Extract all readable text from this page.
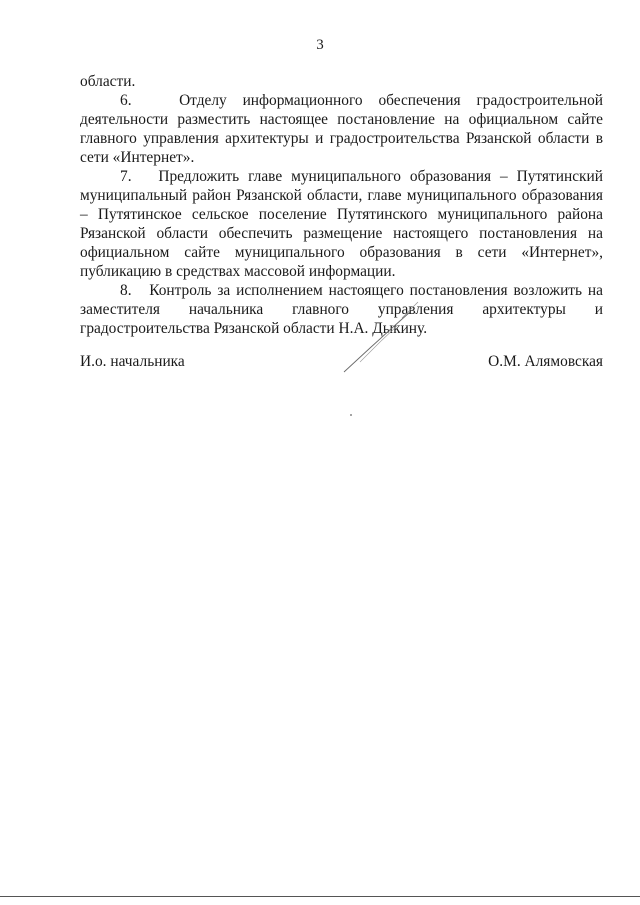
3

области.

6.	Отделу информационного обеспечения градостроительной деятельности разместить настоящее постановление на официальном сайте главного управления архитектуры и градостроительства Рязанской области в сети «Интернет».

7. Предложить главе муниципального образования – Путятинский муниципальный район Рязанской области, главе муниципального образования – Путятинское сельское поселение Путятинского муниципального района Рязанской области обеспечить размещение настоящего постановления на официальном сайте муниципального образования в сети «Интернет», публикацию в средствах массовой информации.

8. Контроль за исполнением настоящего постановления возложить на заместителя начальника главного управления архитектуры и градостроительства Рязанской области Н.А. Дыкину.

И.о. начальника	О.М. Алямовская
